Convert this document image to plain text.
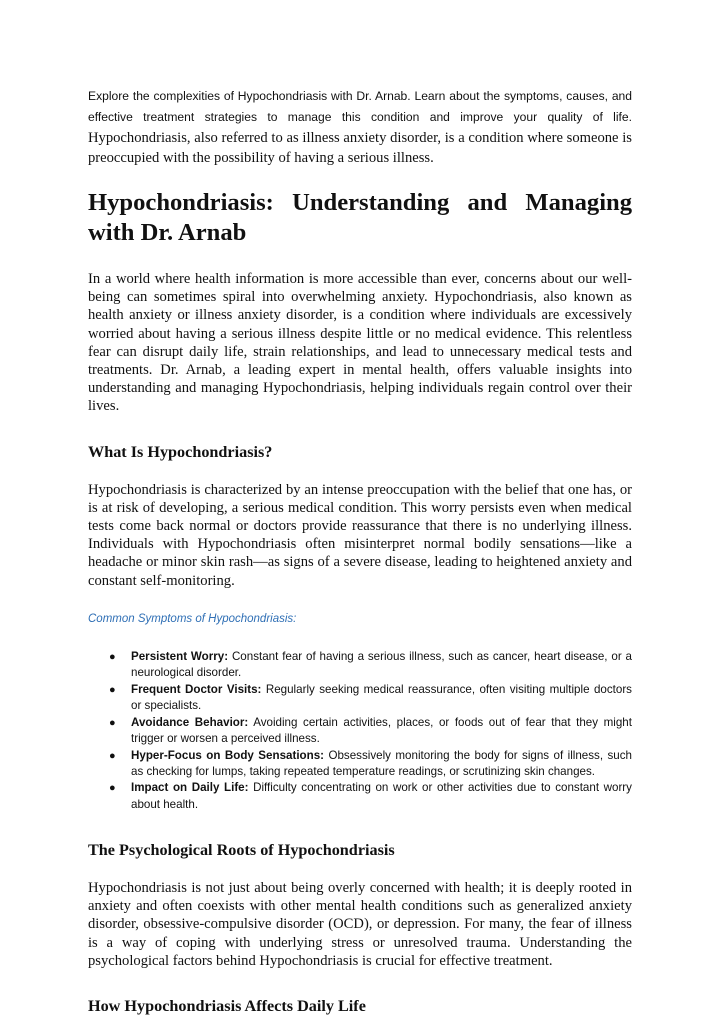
Explore the complexities of Hypochondriasis with Dr. Arnab. Learn about the symptoms, causes, and effective treatment strategies to manage this condition and improve your quality of life.

Hypochondriasis, also referred to as illness anxiety disorder, is a condition where someone is preoccupied with the possibility of having a serious illness.

Hypochondriasis: Understanding and Managing with Dr. Arnab

In a world where health information is more accessible than ever, concerns about our well-being can sometimes spiral into overwhelming anxiety. Hypochondriasis, also known as health anxiety or illness anxiety disorder, is a condition where individuals are excessively worried about having a serious illness despite little or no medical evidence. This relentless fear can disrupt daily life, strain relationships, and lead to unnecessary medical tests and treatments. Dr. Arnab, a leading expert in mental health, offers valuable insights into understanding and managing Hypochondriasis, helping individuals regain control over their lives.

What Is Hypochondriasis?

Hypochondriasis is characterized by an intense preoccupation with the belief that one has, or is at risk of developing, a serious medical condition. This worry persists even when medical tests come back normal or doctors provide reassurance that there is no underlying illness. Individuals with Hypochondriasis often misinterpret normal bodily sensations—like a headache or minor skin rash—as signs of a severe disease, leading to heightened anxiety and constant self-monitoring.

Common Symptoms of Hypochondriasis:
● Persistent Worry: Constant fear of having a serious illness, such as cancer, heart disease, or a neurological disorder.
● Frequent Doctor Visits: Regularly seeking medical reassurance, often visiting multiple doctors or specialists.
● Avoidance Behavior: Avoiding certain activities, places, or foods out of fear that they might trigger or worsen a perceived illness.
● Hyper-Focus on Body Sensations: Obsessively monitoring the body for signs of illness, such as checking for lumps, taking repeated temperature readings, or scrutinizing skin changes.
● Impact on Daily Life: Difficulty concentrating on work or other activities due to constant worry about health.
The Psychological Roots of Hypochondriasis

Hypochondriasis is not just about being overly concerned with health; it is deeply rooted in anxiety and often coexists with other mental health conditions such as generalized anxiety disorder, obsessive-compulsive disorder (OCD), or depression. For many, the fear of illness is a way of coping with underlying stress or unresolved trauma. Understanding the psychological factors behind Hypochondriasis is crucial for effective treatment.

How Hypochondriasis Affects Daily Life
